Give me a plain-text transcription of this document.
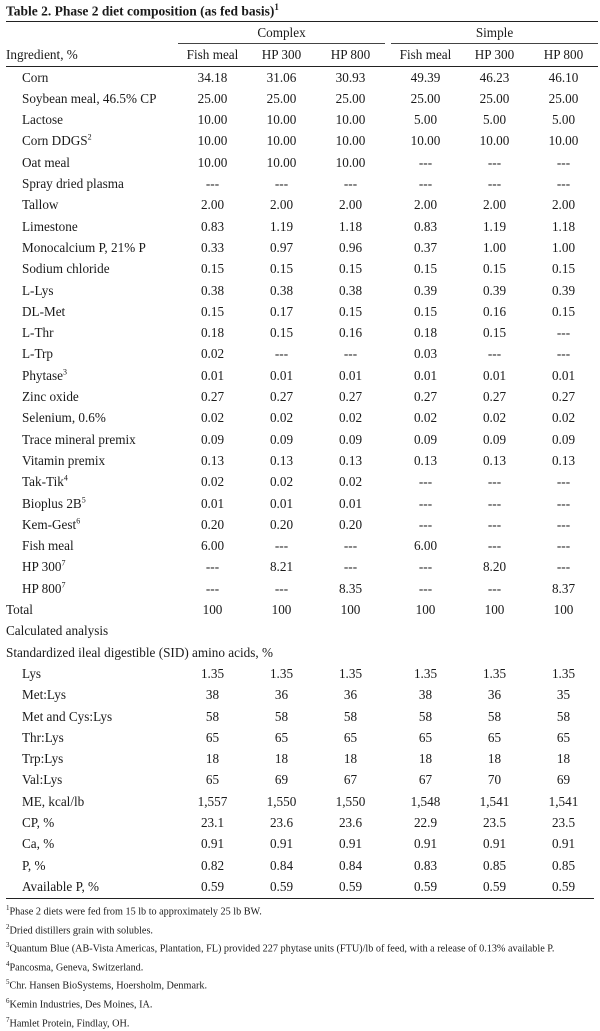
Table 2. Phase 2 diet composition (as fed basis)$^1$

	Complex				Simple		
Ingredient, %	Fish meal	HP 300	HP 800		Fish meal	HP 300	HP 800
Corn	34.18	31.06	30.93		49.39	46.23	46.10
Soybean meal, 46.5% CP	25.00	25.00	25.00		25.00	25.00	25.00
Lactose	10.00	10.00	10.00		5.00	5.00	5.00
Corn DDGS$^2$	10.00	10.00	10.00		10.00	10.00	10.00
Oat meal	10.00	10.00	10.00		---	---	---
Spray dried plasma	---	---	---		---	---	---
Tallow	2.00	2.00	2.00		2.00	2.00	2.00
Limestone	0.83	1.19	1.18		0.83	1.19	1.18
Monocalcium P, 21% P	0.33	0.97	0.96		0.37	1.00	1.00
Sodium chloride	0.15	0.15	0.15		0.15	0.15	0.15
L-Lys	0.38	0.38	0.38		0.39	0.39	0.39
DL-Met	0.15	0.17	0.15		0.15	0.16	0.15
L-Thr	0.18	0.15	0.16		0.18	0.15	---
L-Trp	0.02	---	---		0.03	---	---
Phytase$^3$	0.01	0.01	0.01		0.01	0.01	0.01
Zinc oxide	0.27	0.27	0.27		0.27	0.27	0.27
Selenium, 0.6%	0.02	0.02	0.02		0.02	0.02	0.02
Trace mineral premix	0.09	0.09	0.09		0.09	0.09	0.09
Vitamin premix	0.13	0.13	0.13		0.13	0.13	0.13
Tak-Tik$^4$	0.02	0.02	0.02		---	---	---
Bioplus $2B^5$	0.01	0.01	0.01		---	---	---
Kem-Gest$^6$	0.20	0.20	0.20		---	---	---
Fish meal	6.00	---	---		6.00	---	---
HP $300^7$	---	8.21	---		---	8.20	---
HP $800^7$	---	---	8.35		---	---	8.37
Total	100	100	100		100	100	100
Calculated analysis							
Standardized ileal digestible (SID) amino acids, %							
Lys	1.35	1.35	1.35		1.35	1.35	1.35
Met:Lys	38	36	36		38	36	35
Met and Cys:Lys	58	58	58		58	58	58
Thr:Lys	65	65	65		65	65	65
Trp:Lys	18	18	18		18	18	18
Val:Lys	65	69	67		67	70	69
ME, kcal/lb	1,557	1,550	1,550		1,548	1,541	1,541
CP, %	23.1	23.6	23.6		22.9	23.5	23.5
Ca, %	0.91	0.91	0.91		0.91	0.91	0.91
P, %	0.82	0.84	0.84		0.83	0.85	0.85
Available P, %	0.59	0.59	0.59		0.59	0.59	0.59
$^1$Phase 2 diets were fed from 15 lb to approximately 25 lb BW.
$^2$Dried distillers grain with solubles.
$^3$Quantum Blue (AB-Vista Americas, Plantation, FL) provided 227 phytase units (FTU)/lb of feed, with a release of 0.13% available P.
$^4$Pancosma, Geneva, Switzerland.
$^5$Chr. Hansen BioSystems, Hoersholm, Denmark.
$^6$Kemin Industries, Des Moines, IA.
$^7$Hamlet Protein, Findlay, OH.
